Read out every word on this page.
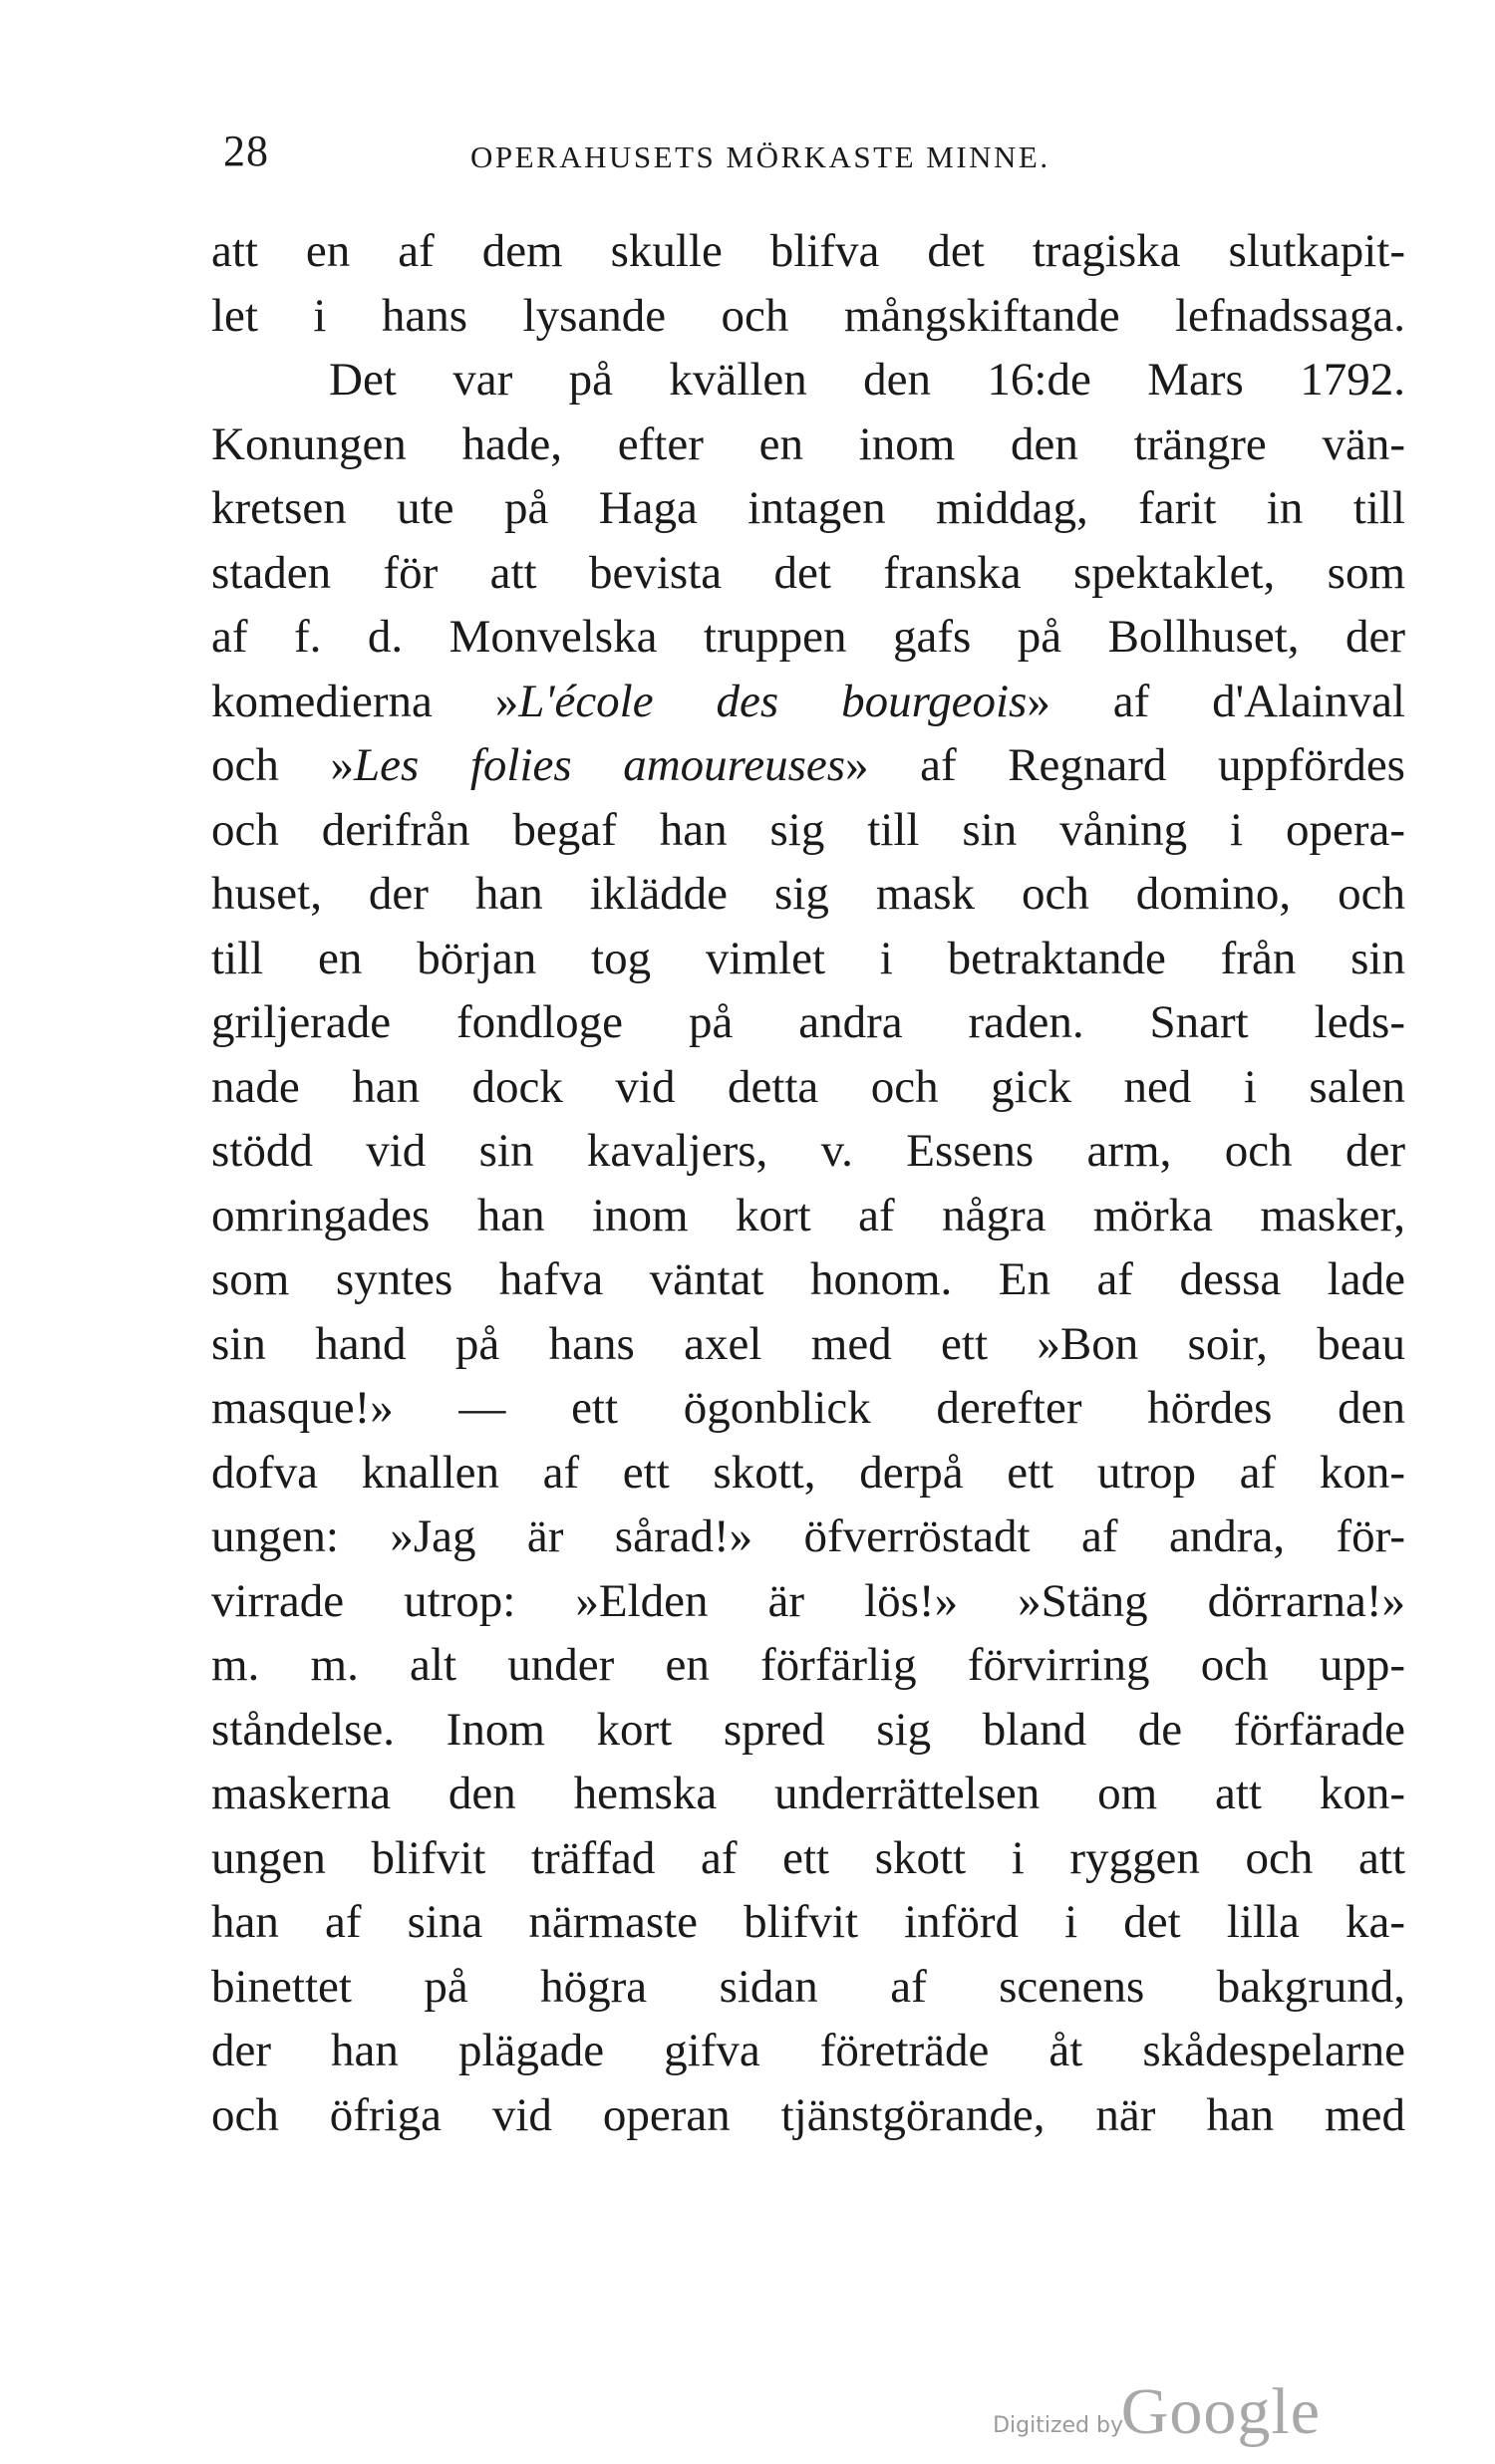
28	OPERAHUSETS MÖRKASTE MINNE.
att en af dem skulle blifva det tragiska slutkapit-
let i hans lysande och mångskiftande lefnadssaga.
Det var på kvällen den 16:de Mars 1792.
Konungen hade, efter en inom den trängre vän-
kretsen ute på Haga intagen middag, farit in till
staden för att bevista det franska spektaklet, som
af f. d. Monvelska truppen gafs på Bollhuset, der
komedierna »L'école des bourgeois» af d'Alainval
och »Les folies amoureuses» af Regnard uppfördes
och derifrån begaf han sig till sin våning i opera-
huset, der han iklädde sig mask och domino, och
till en början tog vimlet i betraktande från sin
griljerade fondloge på andra raden. Snart leds-
nade han dock vid detta och gick ned i salen
stödd vid sin kavaljers, v. Essens arm, och der
omringades han inom kort af några mörka masker,
som syntes hafva väntat honom. En af dessa lade
sin hand på hans axel med ett »Bon soir, beau
masque!» — ett ögonblick derefter hördes den
dofva knallen af ett skott, derpå ett utrop af kon-
ungen: »Jag är sårad!» öfverröstadt af andra, för-
virrade utrop: »Elden är lös!» »Stäng dörrarna!»
m. m. alt under en förfärlig förvirring och upp-
ståndelse. Inom kort spred sig bland de förfärade
maskerna den hemska underrättelsen om att kon-
ungen blifvit träffad af ett skott i ryggen och att
han af sina närmaste blifvit införd i det lilla ka-
binettet på högra sidan af scenens bakgrund,
der han plägade gifva företräde åt skådespelarne
och öfriga vid operan tjänstgörande, när han med
Digitized by
Google
